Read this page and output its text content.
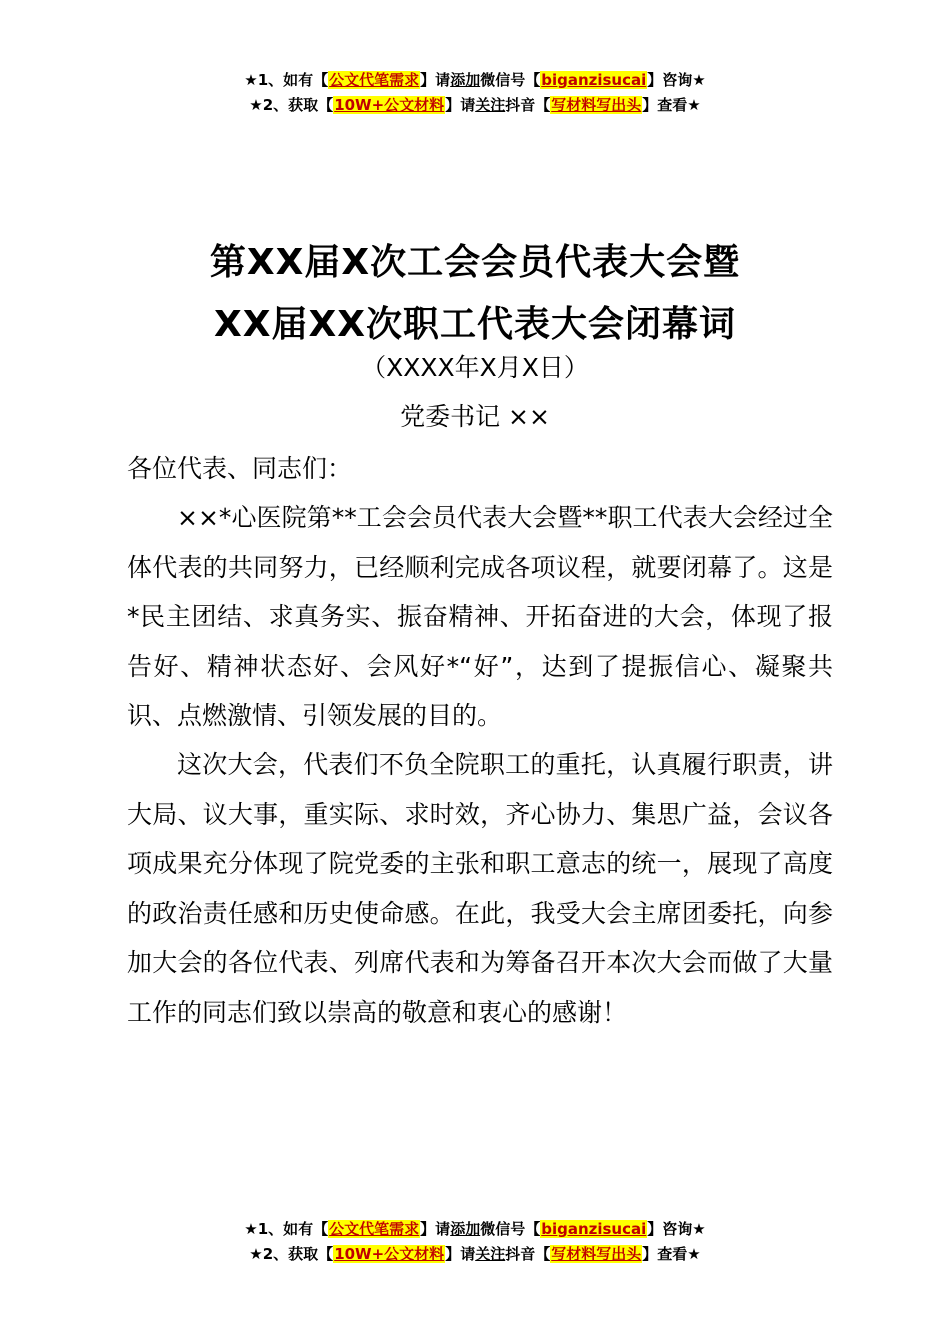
★1、如有【公文代笔需求】请添加微信号【biganzisucai】咨询★
★2、获取【10W+公文材料】请关注抖音【写材料写出头】查看★
第XX届X次工会会员代表大会暨
XX届XX次职工代表大会闭幕词
（XXXX年X月X日）
党委书记 ××
各位代表、同志们：

××*心医院第**工会会员代表大会暨**职工代表大会经过全体代表的共同努力，已经顺利完成各项议程，就要闭幕了。这是*民主团结、求真务实、振奋精神、开拓奋进的大会，体现了报告好、精神状态好、会风好*“好”，达到了提振信心、凝聚共识、点燃激情、引领发展的目的。

这次大会，代表们不负全院职工的重托，认真履行职责，讲大局、议大事，重实际、求时效，齐心协力、集思广益，会议各项成果充分体现了院党委的主张和职工意志的统一，展现了高度的政治责任感和历史使命感。在此，我受大会主席团委托，向参加大会的各位代表、列席代表和为筹备召开本次大会而做了大量工作的同志们致以崇高的敬意和衷心的感谢！

★1、如有【公文代笔需求】请添加微信号【biganzisucai】咨询★
★2、获取【10W+公文材料】请关注抖音【写材料写出头】查看★
